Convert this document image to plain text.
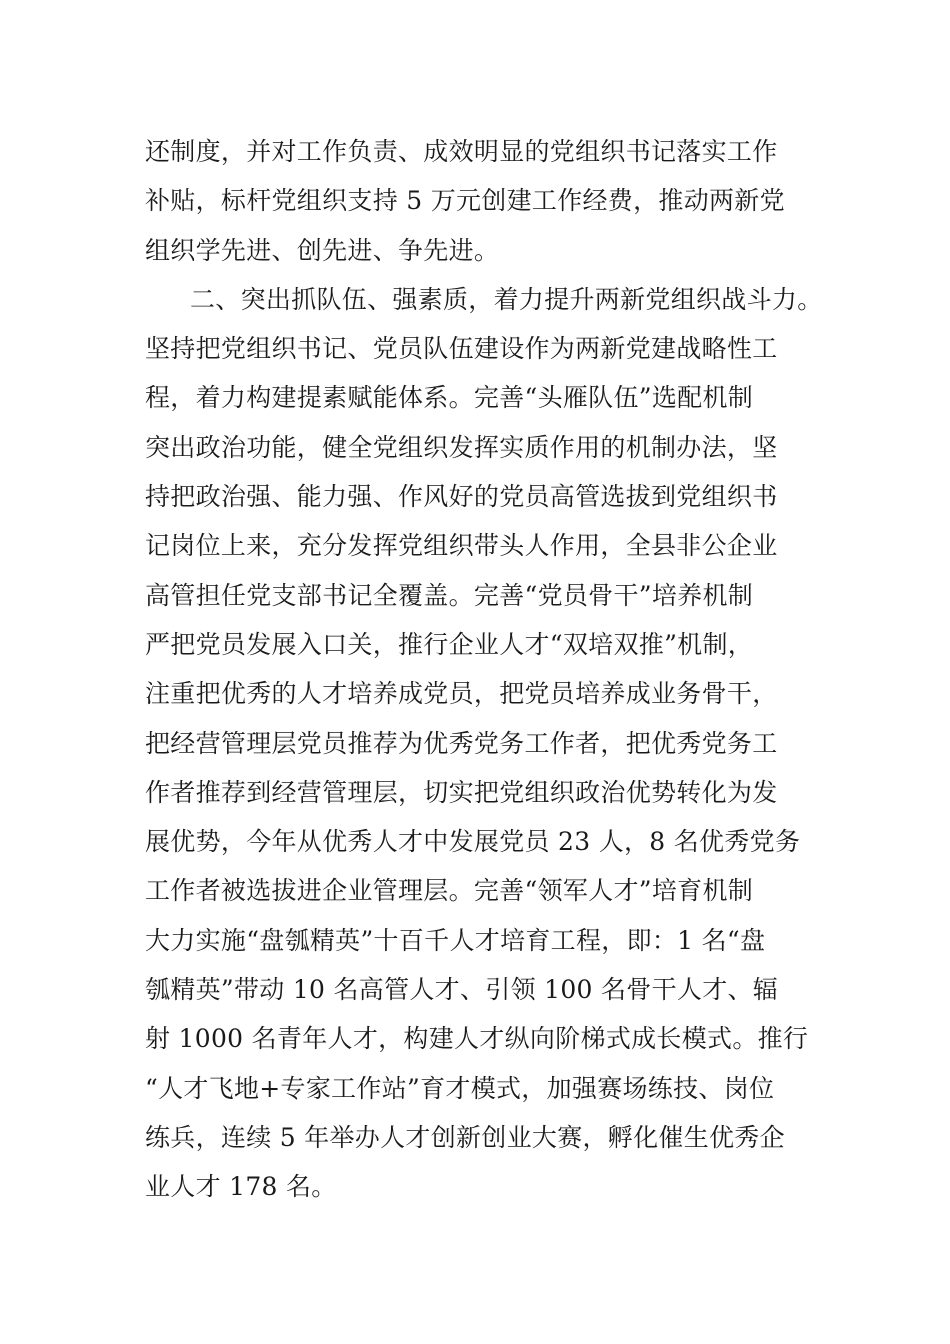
还制度，并对工作负责、成效明显的党组织书记落实工作
补贴，标杆党组织支持 5 万元创建工作经费，推动两新党
组织学先进、创先进、争先进。
二、突出抓队伍、强素质，着力提升两新党组织战斗力。
坚持把党组织书记、党员队伍建设作为两新党建战略性工
程，着力构建提素赋能体系。完善“头雁队伍”选配机制
突出政治功能，健全党组织发挥实质作用的机制办法，坚
持把政治强、能力强、作风好的党员高管选拔到党组织书
记岗位上来，充分发挥党组织带头人作用，全县非公企业
高管担任党支部书记全覆盖。完善“党员骨干”培养机制
严把党员发展入口关，推行企业人才“双培双推”机制，
注重把优秀的人才培养成党员，把党员培养成业务骨干，
把经营管理层党员推荐为优秀党务工作者，把优秀党务工
作者推荐到经营管理层，切实把党组织政治优势转化为发
展优势，今年从优秀人才中发展党员 23 人，8 名优秀党务
工作者被选拔进企业管理层。完善“领军人才”培育机制
大力实施“盘瓠精英”十百千人才培育工程，即：1 名“盘
瓠精英”带动 10 名高管人才、引领 100 名骨干人才、辐
射 1000 名青年人才，构建人才纵向阶梯式成长模式。推行
“人才飞地+专家工作站”育才模式，加强赛场练技、岗位
练兵，连续 5 年举办人才创新创业大赛，孵化催生优秀企
业人才 178 名。
